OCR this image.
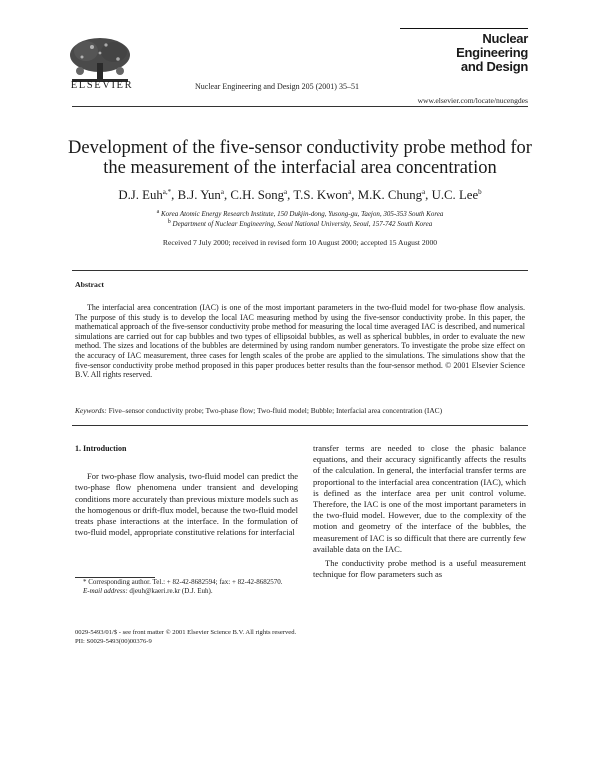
ELSEVIER	Nuclear Engineering and Design 205 (2001) 35–51
Nuclear
Engineering
and Design
www.elsevier.com/locate/nucengdes
Development of the five-sensor conductivity probe method for the measurement of the interfacial area concentration
D.J. Euh$^{a,*}$, B.J. Yun$^a$, C.H. Song$^a$, T.S. Kwon$^a$, M.K. Chung$^a$, U.C. Lee$^b$
$^a$ Korea Atomic Energy Research Institute, 150 Dukjin-dong, Yusong-gu, Taejon, 305-353 South Korea
$^b$ Department of Nuclear Engineering, Seoul National University, Seoul, 157-742 South Korea
Received 7 July 2000; received in revised form 10 August 2000; accepted 15 August 2000
Abstract
The interfacial area concentration (IAC) is one of the most important parameters in the two-fluid model for two-phase flow analysis. The purpose of this study is to develop the local IAC measuring method by using the five-sensor conductivity probe. In this paper, the mathematical approach of the five-sensor conductivity probe method for measuring the local time averaged IAC is described, and numerical simulations are carried out for cap bubbles and two types of ellipsoidal bubbles, as well as spherical bubbles, in order to evaluate the new method. The sizes and locations of the bubbles are determined by using random number generators. To investigate the probe size effect on the accuracy of IAC measurement, three cases for length scales of the probe are applied to the simulations. The simulations show that the five-sensor conductivity probe method proposed in this paper produces better results than the four-sensor method. © 2001 Elsevier Science B.V. All rights reserved.
Keywords: Five–sensor conductivity probe; Two-phase flow; Two-fluid model; Bubble; Interfacial area concentration (IAC)
1. Introduction

For two-phase flow analysis, two-fluid model can predict the two-phase flow phenomena under transient and developing conditions more accurately than previous mixture models such as the homogenous or drift-flux model, because the two-fluid model treats phase interactions at the interface. In the formulation of two-fluid model, appropriate constitutive relations for interfacial

transfer terms are needed to close the phasic balance equations, and their accuracy significantly affects the results of the calculation. In general, the interfacial transfer terms are proportional to the interfacial area concentration (IAC), which is defined as the interface area per unit control volume. Therefore, the IAC is one of the most important parameters in the two-fluid model. However, due to the complexity of the motion and geometry of the interface of the bubbles, the measurement of IAC is so difficult that there are currently few available data on the IAC.

The conductivity probe method is a useful measurement technique for flow parameters such as

* Corresponding author. Tel.: + 82-42-8682594; fax: + 82-42-8682570.
E-mail address: djeuh@kaeri.re.kr (D.J. Euh).
0029-5493/01/$ - see front matter © 2001 Elsevier Science B.V. All rights reserved.
PII: S0029-5493(00)00376-9
